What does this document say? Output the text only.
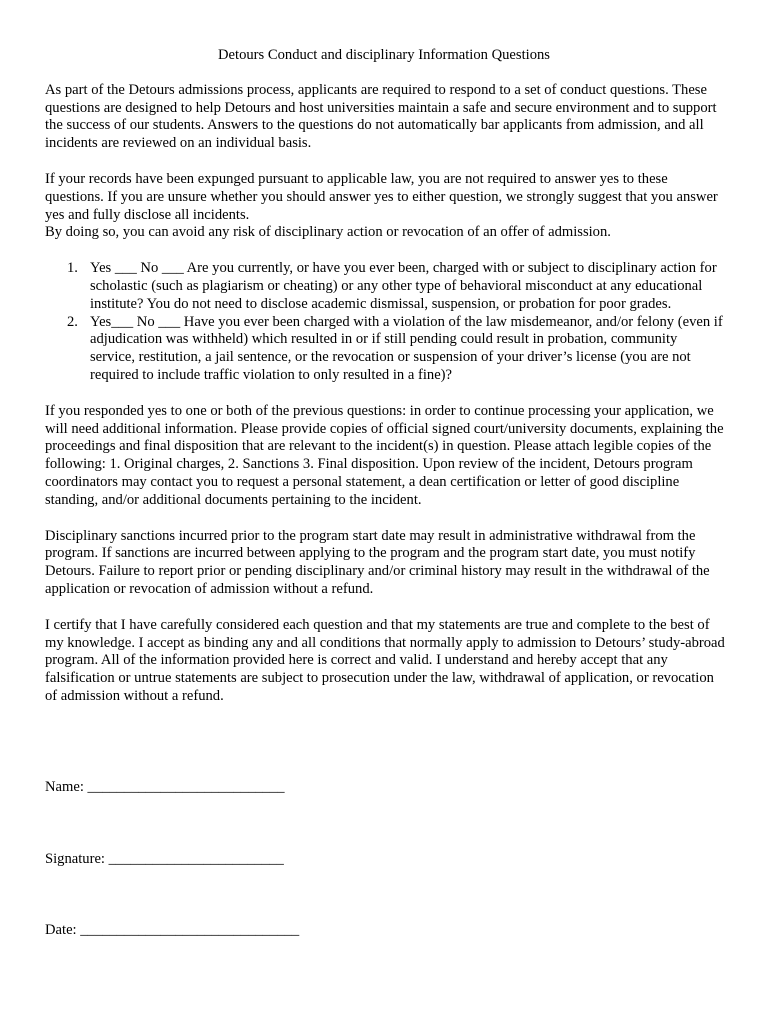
Detours Conduct and disciplinary Information Questions

As part of the Detours admissions process, applicants are required to respond to a set of conduct questions. These questions are designed to help Detours and host universities maintain a safe and secure environment and to support the success of our students. Answers to the questions do not automatically bar applicants from admission, and all incidents are reviewed on an individual basis.

If your records have been expunged pursuant to applicable law, you are not required to answer yes to these questions. If you are unsure whether you should answer yes to either question, we strongly suggest that you answer yes and fully disclose all incidents.

By doing so, you can avoid any risk of disciplinary action or revocation of an offer of admission.

1. Yes ___ No ___ Are you currently, or have you ever been, charged with or subject to disciplinary action for scholastic (such as plagiarism or cheating) or any other type of behavioral misconduct at any educational institute? You do not need to disclose academic dismissal, suspension, or probation for poor grades.
2. Yes___ No ___ Have you ever been charged with a violation of the law misdemeanor, and/or felony (even if adjudication was withheld) which resulted in or if still pending could result in probation, community service, restitution, a jail sentence, or the revocation or suspension of your driver’s license (you are not required to include traffic violation to only resulted in a fine)?

If you responded yes to one or both of the previous questions: in order to continue processing your application, we will need additional information. Please provide copies of official signed court/university documents, explaining the proceedings and final disposition that are relevant to the incident(s) in question. Please attach legible copies of the following: 1. Original charges, 2. Sanctions 3. Final disposition. Upon review of the incident, Detours program coordinators may contact you to request a personal statement, a dean certification or letter of good discipline standing, and/or additional documents pertaining to the incident.

Disciplinary sanctions incurred prior to the program start date may result in administrative withdrawal from the program. If sanctions are incurred between applying to the program and the program start date, you must notify Detours. Failure to report prior or pending disciplinary and/or criminal history may result in the withdrawal of the application or revocation of admission without a refund.

I certify that I have carefully considered each question and that my statements are true and complete to the best of my knowledge. I accept as binding any and all conditions that normally apply to admission to Detours’ study-abroad program. All of the information provided here is correct and valid. I understand and hereby accept that any falsification or untrue statements are subject to prosecution under the law, withdrawal of application, or revocation of admission without a refund.

Name: ___________________________
Signature: ________________________
Date: ______________________________
